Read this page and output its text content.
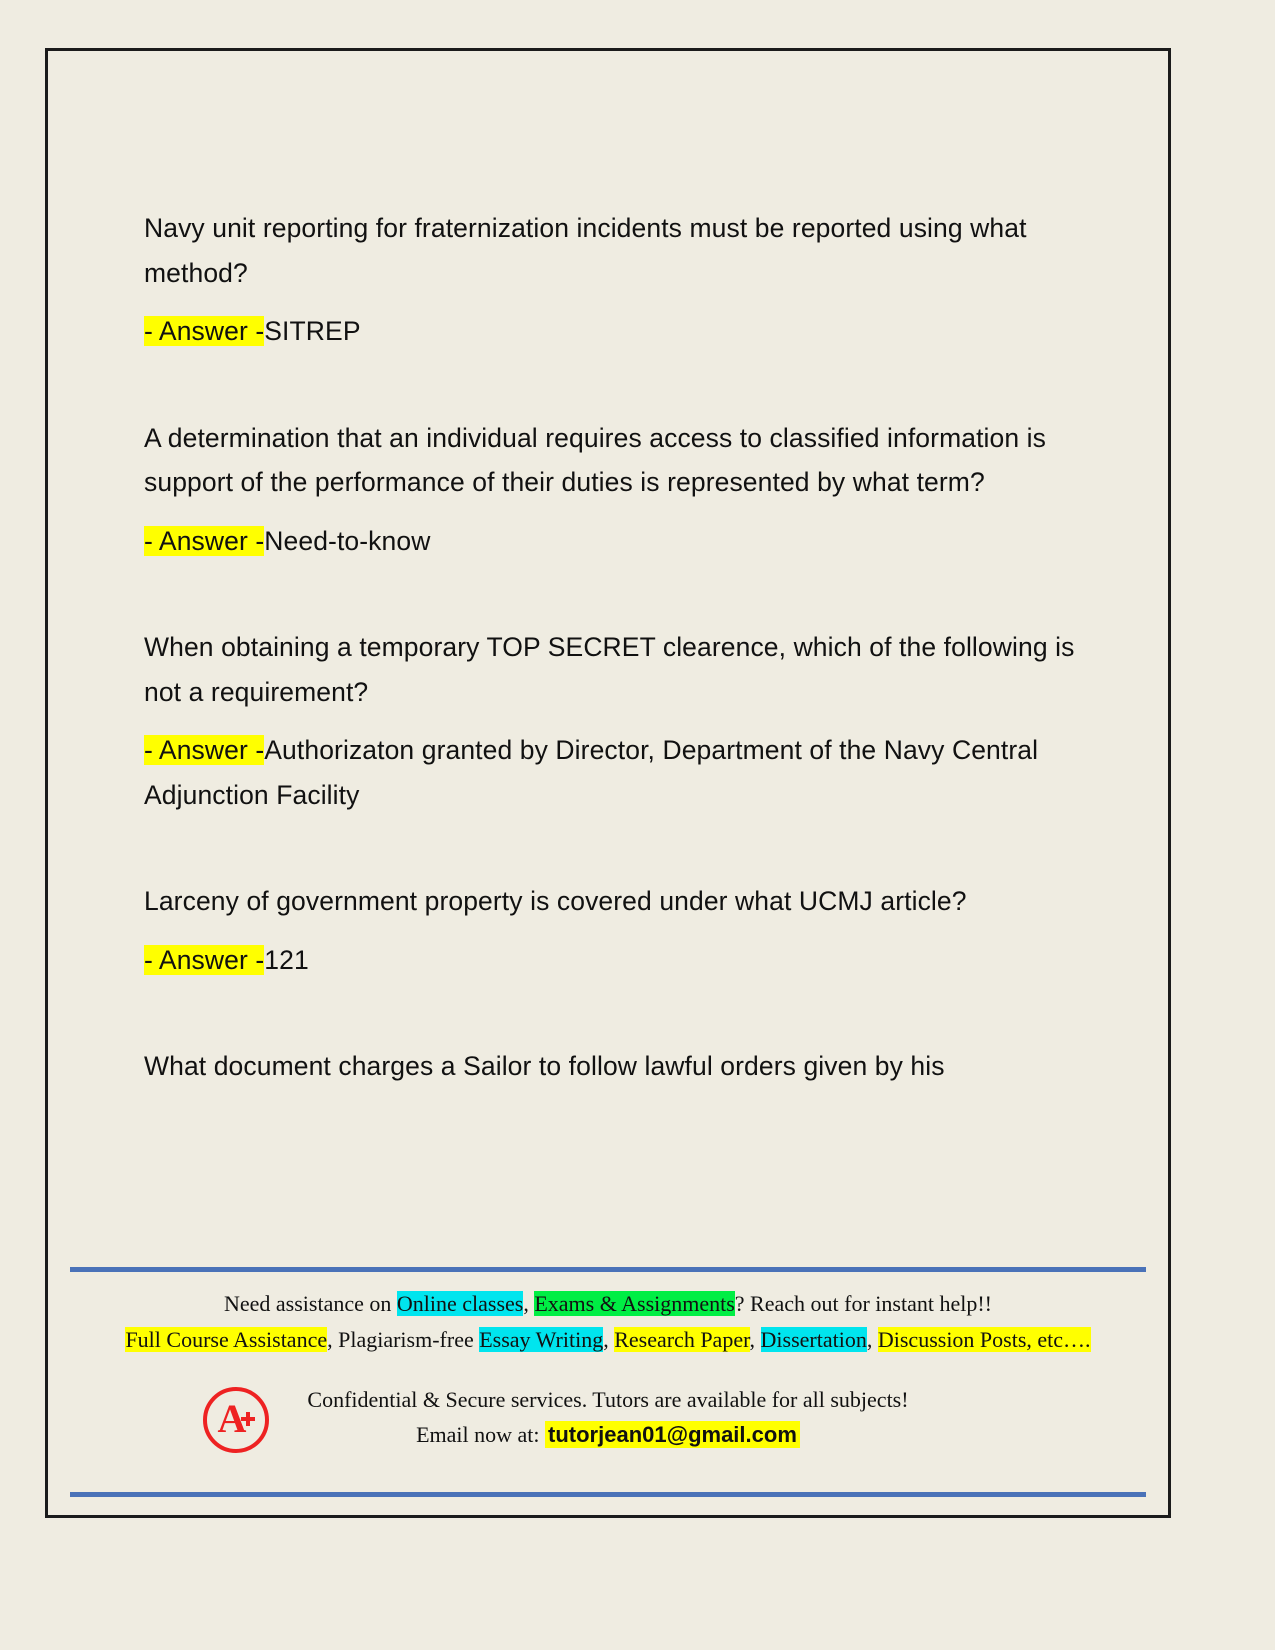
Navy unit reporting for fraternization incidents must be reported using what method?

- Answer -SITREP

A determination that an individual requires access to classified information is support of the performance of their duties is represented by what term?

- Answer -Need-to-know

When obtaining a temporary TOP SECRET clearence, which of the following is not a requirement?

- Answer -Authorizaton granted by Director, Department of the Navy Central Adjunction Facility

Larceny of government property is covered under what UCMJ article?

- Answer -121

What document charges a Sailor to follow lawful orders given by his

Need assistance on Online classes, Exams & Assignments? Reach out for instant help!!
Full Course Assistance, Plagiarism-free Essay Writing, Research Paper, Dissertation, Discussion Posts, etc….
A	Confidential & Secure services. Tutors are available for all subjects!
Email now at: tutorjean01@gmail.com
